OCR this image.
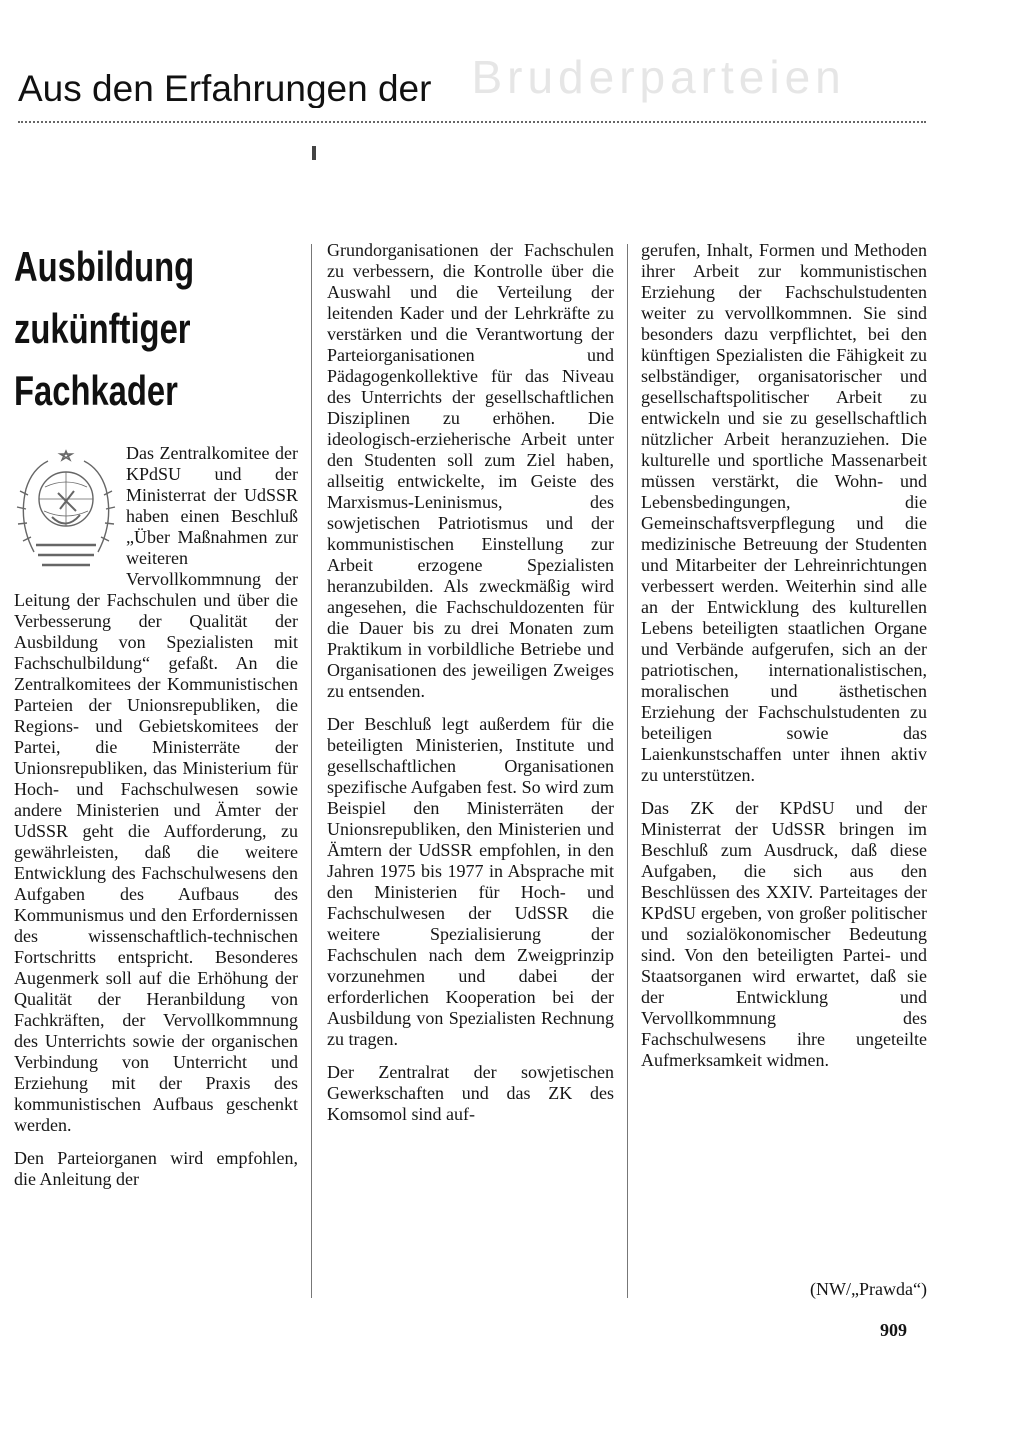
Aus den Erfahrungen der Bruderparteien
Ausbildung
zukünftiger
Fachkader

Das Zentralkomitee der KPdSU und der Ministerrat der UdSSR haben einen Beschluß „Über Maßnahmen zur weiteren Vervollkommnung der Leitung der Fachschulen und über die Verbesserung der Qualität der Ausbildung von Spezialisten mit Fachschulbildung“ gefaßt. An die Zentralkomitees der Kommunistischen Parteien der Unionsrepubliken, die Regions- und Gebietskomitees der Partei, die Ministerräte der Unionsrepubliken, das Ministerium für Hoch- und Fachschulwesen sowie andere Ministerien und Ämter der UdSSR geht die Aufforderung, zu gewährleisten, daß die weitere Entwicklung des Fachschulwesens den Aufgaben des Aufbaus des Kommunismus und den Erfordernissen des wissenschaftlich-technischen Fortschritts entspricht. Besonderes Augenmerk soll auf die Erhöhung der Qualität der Heranbildung von Fachkräften, der Vervollkommnung des Unterrichts sowie der organischen Verbindung von Unterricht und Erziehung mit der Praxis des kommunistischen Aufbaus geschenkt werden.

Den Parteiorganen wird empfohlen, die Anleitung der

Grundorganisationen der Fachschulen zu verbessern, die Kontrolle über die Auswahl und die Verteilung der leitenden Kader und der Lehrkräfte zu verstärken und die Verantwortung der Parteiorganisationen und Pädagogenkollektive für das Niveau des Unterrichts der gesellschaftlichen Disziplinen zu erhöhen. Die ideologisch-erzieherische Arbeit unter den Studenten soll zum Ziel haben, allseitig entwickelte, im Geiste des Marxismus-Leninismus, des sowjetischen Patriotismus und der kommunistischen Einstellung zur Arbeit erzogene Spezialisten heranzubilden. Als zweckmäßig wird angesehen, die Fachschuldozenten für die Dauer bis zu drei Monaten zum Praktikum in vorbildliche Betriebe und Organisationen des jeweiligen Zweiges zu entsenden.

Der Beschluß legt außerdem für die beteiligten Ministerien, Institute und gesellschaftlichen Organisationen spezifische Aufgaben fest. So wird zum Beispiel den Ministerräten der Unionsrepubliken, den Ministerien und Ämtern der UdSSR empfohlen, in den Jahren 1975 bis 1977 in Absprache mit den Ministerien für Hoch- und Fachschulwesen der UdSSR die weitere Spezialisierung der Fachschulen nach dem Zweigprinzip vorzunehmen und dabei der erforderlichen Kooperation bei der Ausbildung von Spezialisten Rechnung zu tragen.

Der Zentralrat der sowjetischen Gewerkschaften und das ZK des Komsomol sind auf-

gerufen, Inhalt, Formen und Methoden ihrer Arbeit zur kommunistischen Erziehung der Fachschulstudenten weiter zu vervollkommnen. Sie sind besonders dazu verpflichtet, bei den künftigen Spezialisten die Fähigkeit zu selbständiger, organisatorischer und gesellschaftspolitischer Arbeit zu entwickeln und sie zu gesellschaftlich nützlicher Arbeit heranzuziehen. Die kulturelle und sportliche Massenarbeit müssen verstärkt, die Wohn- und Lebensbedingungen, die Gemeinschaftsverpflegung und die medizinische Betreuung der Studenten und Mitarbeiter der Lehreinrichtungen verbessert werden. Weiterhin sind alle an der Entwicklung des kulturellen Lebens beteiligten staatlichen Organe und Verbände aufgerufen, sich an der patriotischen, internationalistischen, moralischen und ästhetischen Erziehung der Fachschulstudenten zu beteiligen sowie das Laienkunstschaffen unter ihnen aktiv zu unterstützen.

Das ZK der KPdSU und der Ministerrat der UdSSR bringen im Beschluß zum Ausdruck, daß diese Aufgaben, die sich aus den Beschlüssen des XXIV. Parteitages der KPdSU ergeben, von großer politischer und sozialökonomischer Bedeutung sind. Von den beteiligten Partei- und Staatsorganen wird erwartet, daß sie der Entwicklung und Vervollkommnung des Fachschulwesens ihre ungeteilte Aufmerksamkeit widmen.

(NW/„Prawda“)
909
